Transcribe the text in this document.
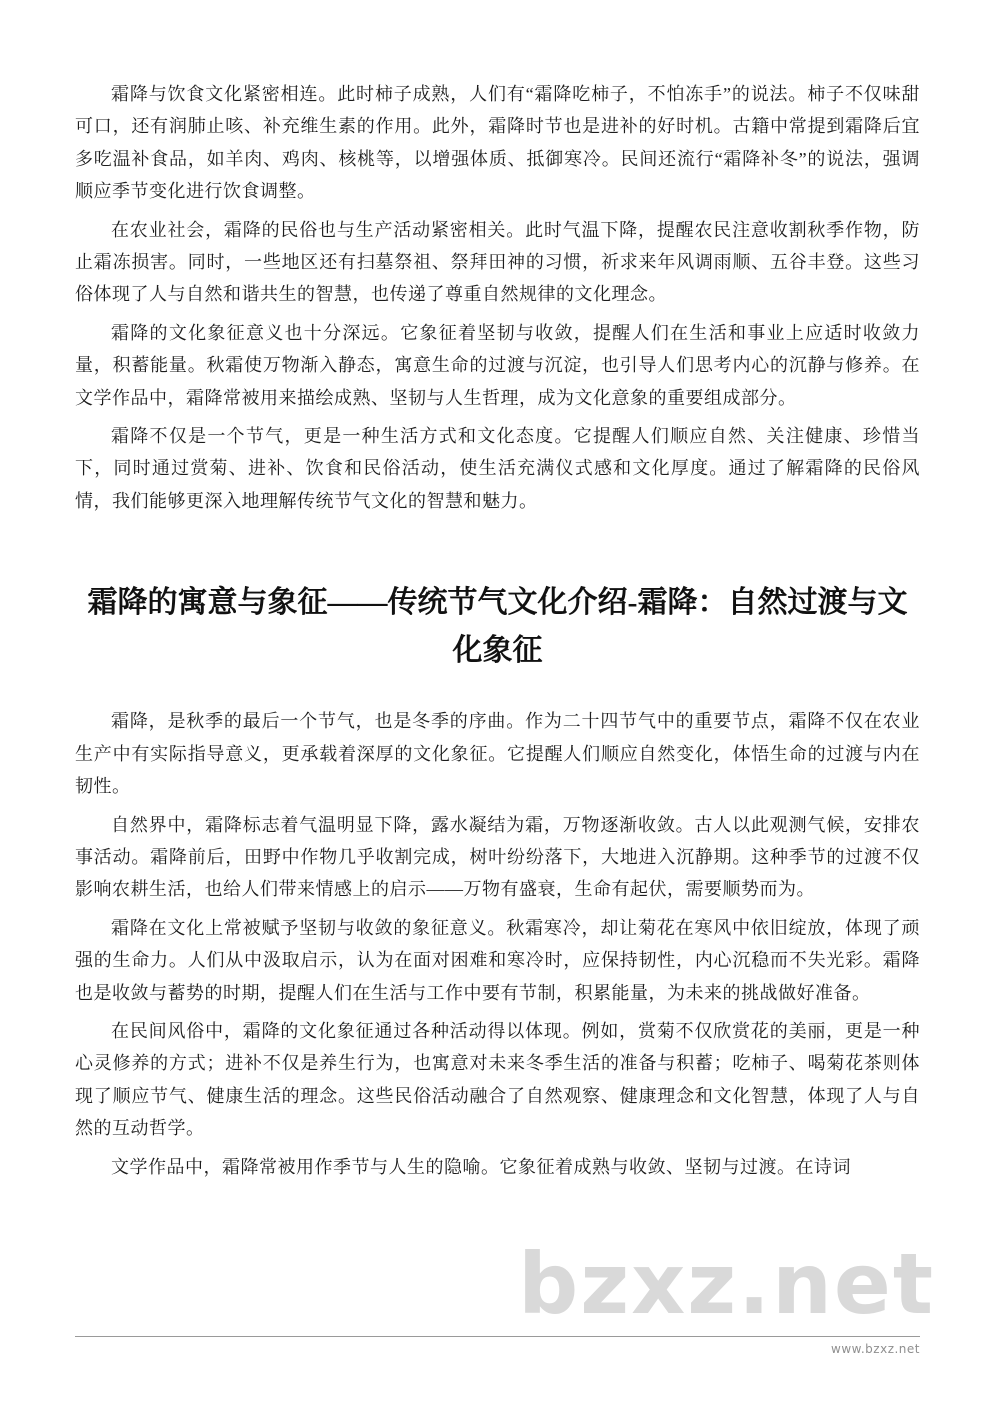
bzxz.net

霜降与饮食文化紧密相连。此时柿子成熟，人们有“霜降吃柿子，不怕冻手”的说法。柿子不仅味甜可口，还有润肺止咳、补充维生素的作用。此外，霜降时节也是进补的好时机。古籍中常提到霜降后宜多吃温补食品，如羊肉、鸡肉、核桃等，以增强体质、抵御寒冷。民间还流行“霜降补冬”的说法，强调顺应季节变化进行饮食调整。

在农业社会，霜降的民俗也与生产活动紧密相关。此时气温下降，提醒农民注意收割秋季作物，防止霜冻损害。同时，一些地区还有扫墓祭祖、祭拜田神的习惯，祈求来年风调雨顺、五谷丰登。这些习俗体现了人与自然和谐共生的智慧，也传递了尊重自然规律的文化理念。

霜降的文化象征意义也十分深远。它象征着坚韧与收敛，提醒人们在生活和事业上应适时收敛力量，积蓄能量。秋霜使万物渐入静态，寓意生命的过渡与沉淀，也引导人们思考内心的沉静与修养。在文学作品中，霜降常被用来描绘成熟、坚韧与人生哲理，成为文化意象的重要组成部分。

霜降不仅是一个节气，更是一种生活方式和文化态度。它提醒人们顺应自然、关注健康、珍惜当下，同时通过赏菊、进补、饮食和民俗活动，使生活充满仪式感和文化厚度。通过了解霜降的民俗风情，我们能够更深入地理解传统节气文化的智慧和魅力。

霜降的寓意与象征——传统节气文化介绍-霜降：自然过渡与文化象征

霜降，是秋季的最后一个节气，也是冬季的序曲。作为二十四节气中的重要节点，霜降不仅在农业生产中有实际指导意义，更承载着深厚的文化象征。它提醒人们顺应自然变化，体悟生命的过渡与内在韧性。

自然界中，霜降标志着气温明显下降，露水凝结为霜，万物逐渐收敛。古人以此观测气候，安排农事活动。霜降前后，田野中作物几乎收割完成，树叶纷纷落下，大地进入沉静期。这种季节的过渡不仅影响农耕生活，也给人们带来情感上的启示——万物有盛衰，生命有起伏，需要顺势而为。

霜降在文化上常被赋予坚韧与收敛的象征意义。秋霜寒冷，却让菊花在寒风中依旧绽放，体现了顽强的生命力。人们从中汲取启示，认为在面对困难和寒冷时，应保持韧性，内心沉稳而不失光彩。霜降也是收敛与蓄势的时期，提醒人们在生活与工作中要有节制，积累能量，为未来的挑战做好准备。

在民间风俗中，霜降的文化象征通过各种活动得以体现。例如，赏菊不仅欣赏花的美丽，更是一种心灵修养的方式；进补不仅是养生行为，也寓意对未来冬季生活的准备与积蓄；吃柿子、喝菊花茶则体现了顺应节气、健康生活的理念。这些民俗活动融合了自然观察、健康理念和文化智慧，体现了人与自然的互动哲学。

文学作品中，霜降常被用作季节与人生的隐喻。它象征着成熟与收敛、坚韧与过渡。在诗词

www.bzxz.net
